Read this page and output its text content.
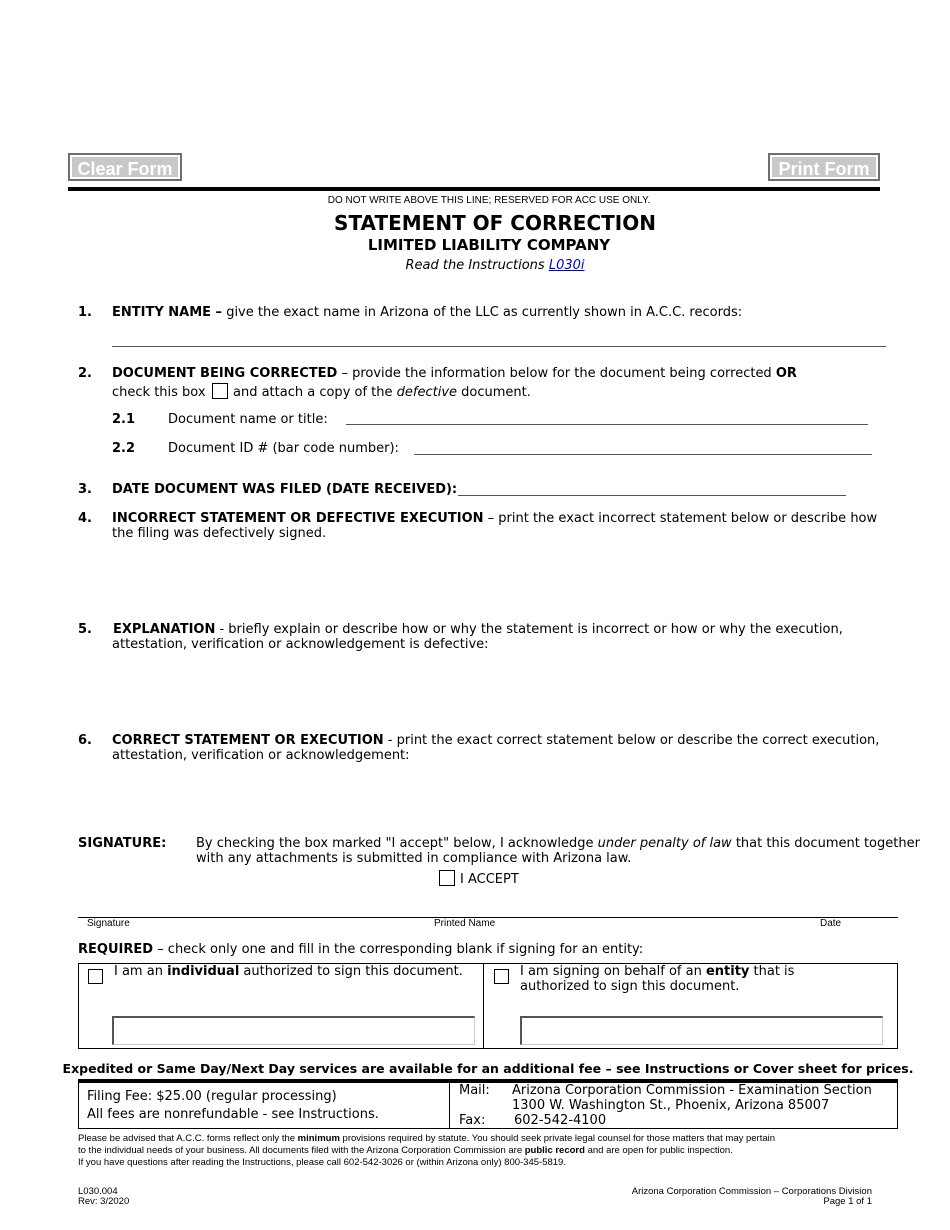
Clear Form	Print Form
DO NOT WRITE ABOVE THIS LINE; RESERVED FOR ACC USE ONLY.
STATEMENT OF CORRECTION
LIMITED LIABILITY COMPANY
Read the Instructions L030i
1. ENTITY NAME – give the exact name in Arizona of the LLC as currently shown in A.C.C. records:
2. DOCUMENT BEING CORRECTED – provide the information below for the document being corrected OR
check this box and attach a copy of the defective document.
2.1	Document name or title:
2.2	Document ID # (bar code number):
3. DATE DOCUMENT WAS FILED (DATE RECEIVED):
4. INCORRECT STATEMENT OR DEFECTIVE EXECUTION – print the exact incorrect statement below or describe how
the filing was defectively signed.
5. EXPLANATION - briefly explain or describe how or why the statement is incorrect or how or why the execution,
attestation, verification or acknowledgement is defective:
6. CORRECT STATEMENT OR EXECUTION - print the exact correct statement below or describe the correct execution,
attestation, verification or acknowledgement:
SIGNATURE: By checking the box marked "I accept" below, I acknowledge under penalty of law that this document together
with any attachments is submitted in compliance with Arizona law.
I ACCEPT
Signature	Printed Name	Date
REQUIRED – check only one and fill in the corresponding blank if signing for an entity:
I am an individual authorized to sign this document.	I am signing on behalf of an entity that is
authorized to sign this document.
Expedited or Same Day/Next Day services are available for an additional fee – see Instructions or Cover sheet for prices.
Filing Fee: $25.00 (regular processing)
All fees are nonrefundable - see Instructions.
Mail: Arizona Corporation Commission - Examination Section
1300 W. Washington St., Phoenix, Arizona 85007
Fax: 602-542-4100
Please be advised that A.C.C. forms reflect only the minimum provisions required by statute. You should seek private legal counsel for those matters that may pertain
to the individual needs of your business. All documents filed with the Arizona Corporation Commission are public record and are open for public inspection.
If you have questions after reading the Instructions, please call 602-542-3026 or (within Arizona only) 800-345-5819.
L030.004
Rev: 3/2020
Arizona Corporation Commission – Corporations Division
Page 1 of 1
